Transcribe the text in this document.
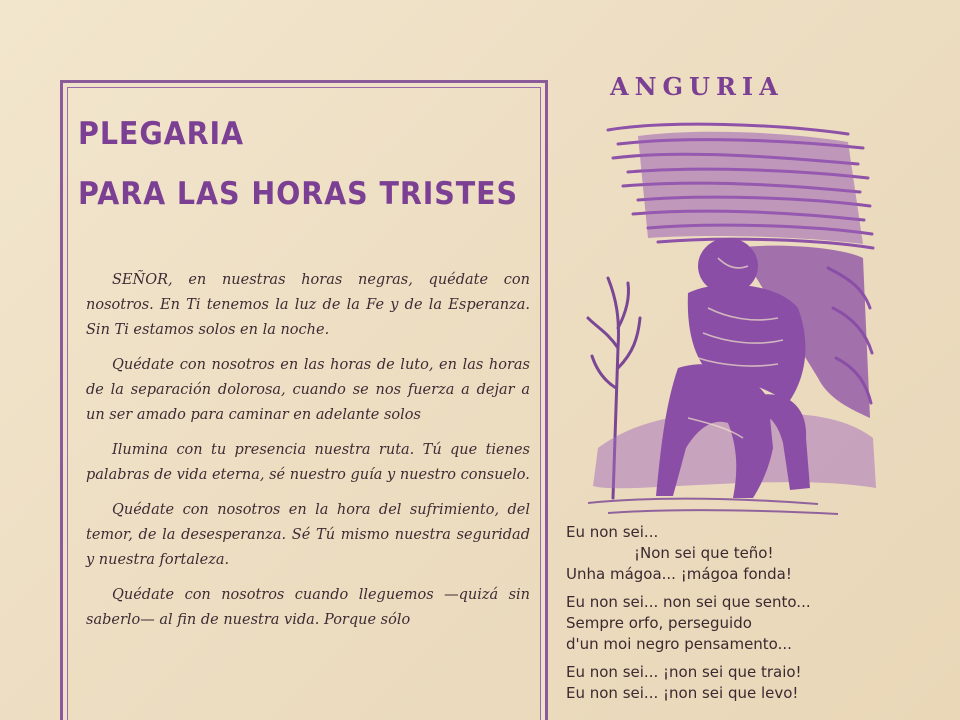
PLEGARIA
PARA LAS HORAS TRISTES

SEÑOR, en nuestras horas negras, quédate con nosotros. En Ti tenemos la luz de la Fe y de la Esperanza. Sin Ti estamos solos en la noche.

Quédate con nosotros en las horas de luto, en las horas de la separación dolorosa, cuando se nos fuerza a dejar a un ser amado para caminar en adelante solos

Ilumina con tu presencia nuestra ruta. Tú que tienes palabras de vida eterna, sé nuestro guía y nuestro consuelo.

Quédate con nosotros en la hora del sufrimiento, del temor, de la desesperanza. Sé Tú mismo nuestra seguridad y nuestra fortaleza.

Quédate con nosotros cuando lleguemos —quizá sin saberlo— al fin de nuestra vida. Porque sólo

ANGURIA
Eu non sei...
¡Non sei que teño!
Unha mágoa... ¡mágoa fonda!
Eu non sei... non sei que sento...
Sempre orfo, perseguido
d'un moi negro pensamento...
Eu non sei... ¡non sei que traio!
Eu non sei... ¡non sei que levo!
